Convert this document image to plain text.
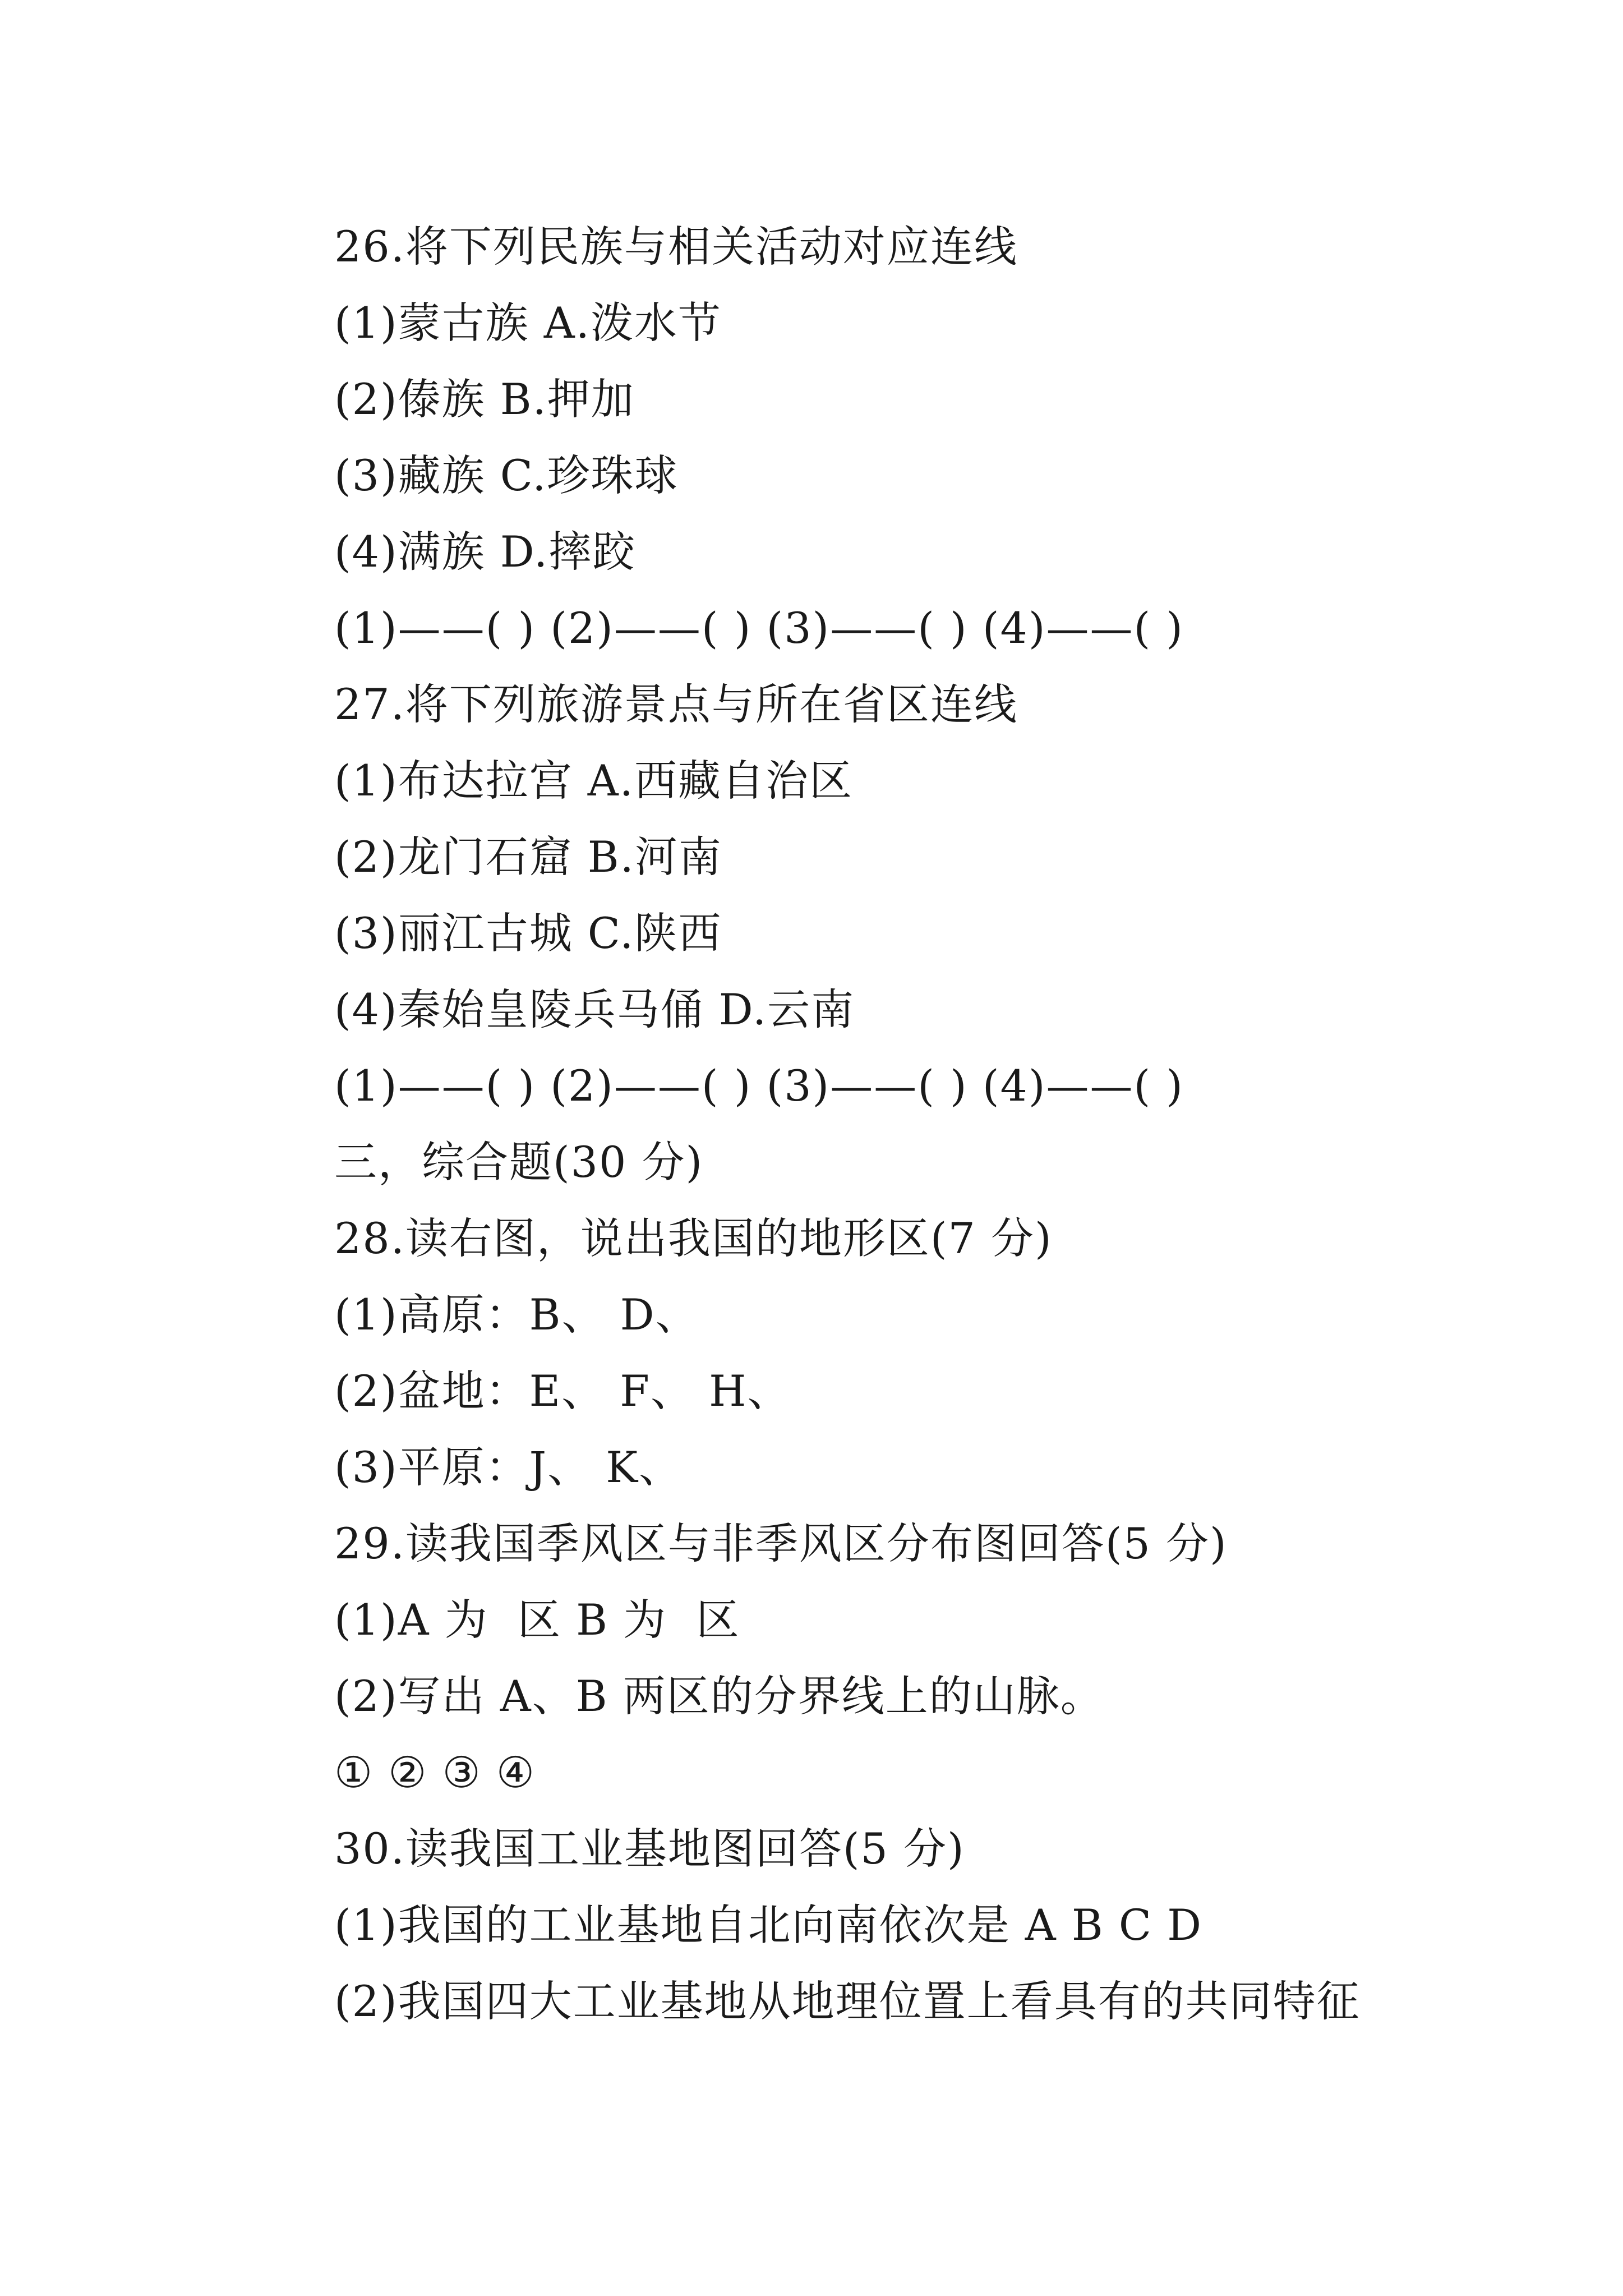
26.将下列民族与相关活动对应连线
(1)蒙古族 A.泼水节
(2)傣族 B.押加
(3)藏族 C.珍珠球
(4)满族 D.摔跤
(1)——( ) (2)——( ) (3)——( ) (4)——( )
27.将下列旅游景点与所在省区连线
(1)布达拉宫 A.西藏自治区
(2)龙门石窟 B.河南
(3)丽江古城 C.陕西
(4)秦始皇陵兵马俑 D.云南
(1)——( ) (2)——( ) (3)——( ) (4)——( )
三，综合题(30 分)
28.读右图，说出我国的地形区(7 分)
(1)高原：B、 D、
(2)盆地：E、 F、 H、
(3)平原：J、 K、
29.读我国季风区与非季风区分布图回答(5 分)
(1)A 为  区 B 为  区
(2)写出 A、B 两区的分界线上的山脉。
① ② ③ ④
30.读我国工业基地图回答(5 分)
(1)我国的工业基地自北向南依次是 A B C D
(2)我国四大工业基地从地理位置上看具有的共同特征
